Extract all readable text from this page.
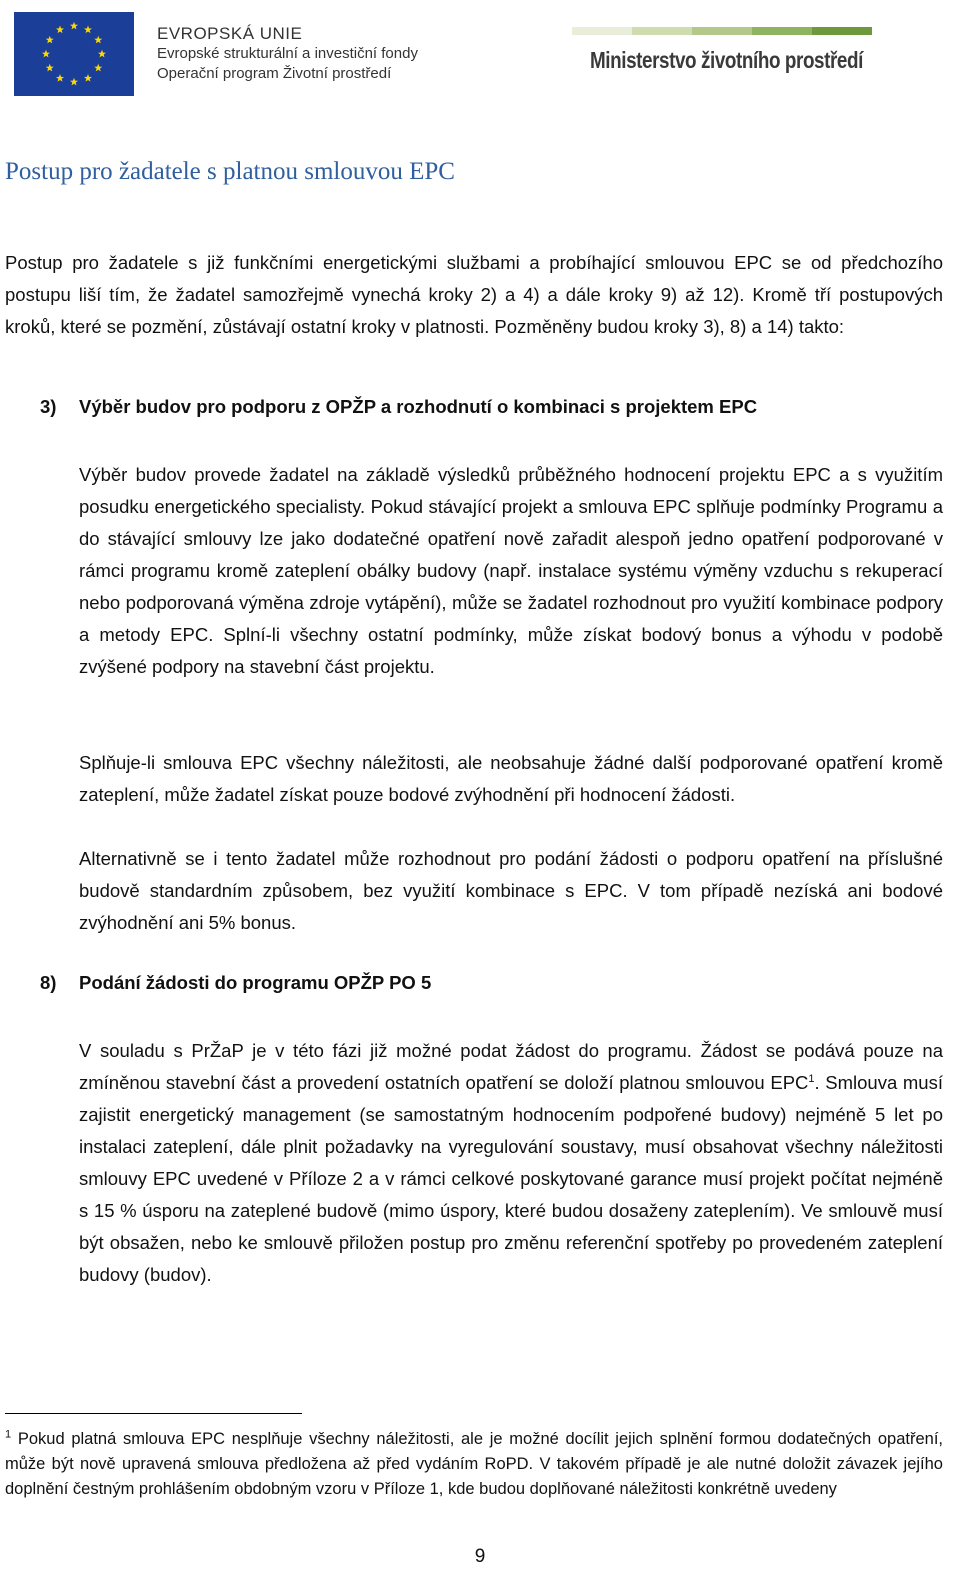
EVROPSKÁ UNIE
Evropské strukturální a investiční fondy
Operační program Životní prostředí
Ministerstvo životního prostředí
Postup pro žadatele s platnou smlouvou EPC

Postup pro žadatele s již funkčními energetickými službami a probíhající smlouvou EPC se od předchozího postupu liší tím, že žadatel samozřejmě vynechá kroky 2) a 4) a dále kroky 9) až 12). Kromě tří postupových kroků, které se pozmění, zůstávají ostatní kroky v platnosti. Pozměněny budou kroky 3), 8) a 14) takto:

3) Výběr budov pro podporu z OPŽP a rozhodnutí o kombinaci s projektem EPC

Výběr budov provede žadatel na základě výsledků průběžného hodnocení projektu EPC a s využitím posudku energetického specialisty. Pokud stávající projekt a smlouva EPC splňuje podmínky Programu a do stávající smlouvy lze jako dodatečné opatření nově zařadit alespoň jedno opatření podporované v rámci programu kromě zateplení obálky budovy (např. instalace systému výměny vzduchu s rekuperací nebo podporovaná výměna zdroje vytápění), může se žadatel rozhodnout pro využití kombinace podpory a metody EPC. Splní-li všechny ostatní podmínky, může získat bodový bonus a výhodu v podobě zvýšené podpory na stavební část projektu.

Splňuje-li smlouva EPC všechny náležitosti, ale neobsahuje žádné další podporované opatření kromě zateplení, může žadatel získat pouze bodové zvýhodnění při hodnocení žádosti.

Alternativně se i tento žadatel může rozhodnout pro podání žádosti o podporu opatření na příslušné budově standardním způsobem, bez využití kombinace s EPC. V tom případě nezíská ani bodové zvýhodnění ani 5% bonus.

8) Podání žádosti do programu OPŽP PO 5

V souladu s PrŽaP je v této fázi již možné podat žádost do programu. Žádost se podává pouze na zmíněnou stavební část a provedení ostatních opatření se doloží platnou smlouvou EPC$^1$. Smlouva musí zajistit energetický management (se samostatným hodnocením podpořené budovy) nejméně 5 let po instalaci zateplení, dále plnit požadavky na vyregulování soustavy, musí obsahovat všechny náležitosti smlouvy EPC uvedené v Příloze 2 a v rámci celkové poskytované garance musí projekt počítat nejméně s 15 % úsporu na zateplené budově (mimo úspory, které budou dosaženy zateplením). Ve smlouvě musí být obsažen, nebo ke smlouvě přiložen postup pro změnu referenční spotřeby po provedeném zateplení budovy (budov).

$^1$ Pokud platná smlouva EPC nesplňuje všechny náležitosti, ale je možné docílit jejich splnění formou dodatečných opatření, může být nově upravená smlouva předložena až před vydáním RoPD. V takovém případě je ale nutné doložit závazek jejího doplnění čestným prohlášením obdobným vzoru v Příloze 1, kde budou doplňované náležitosti konkrétně uvedeny

9
